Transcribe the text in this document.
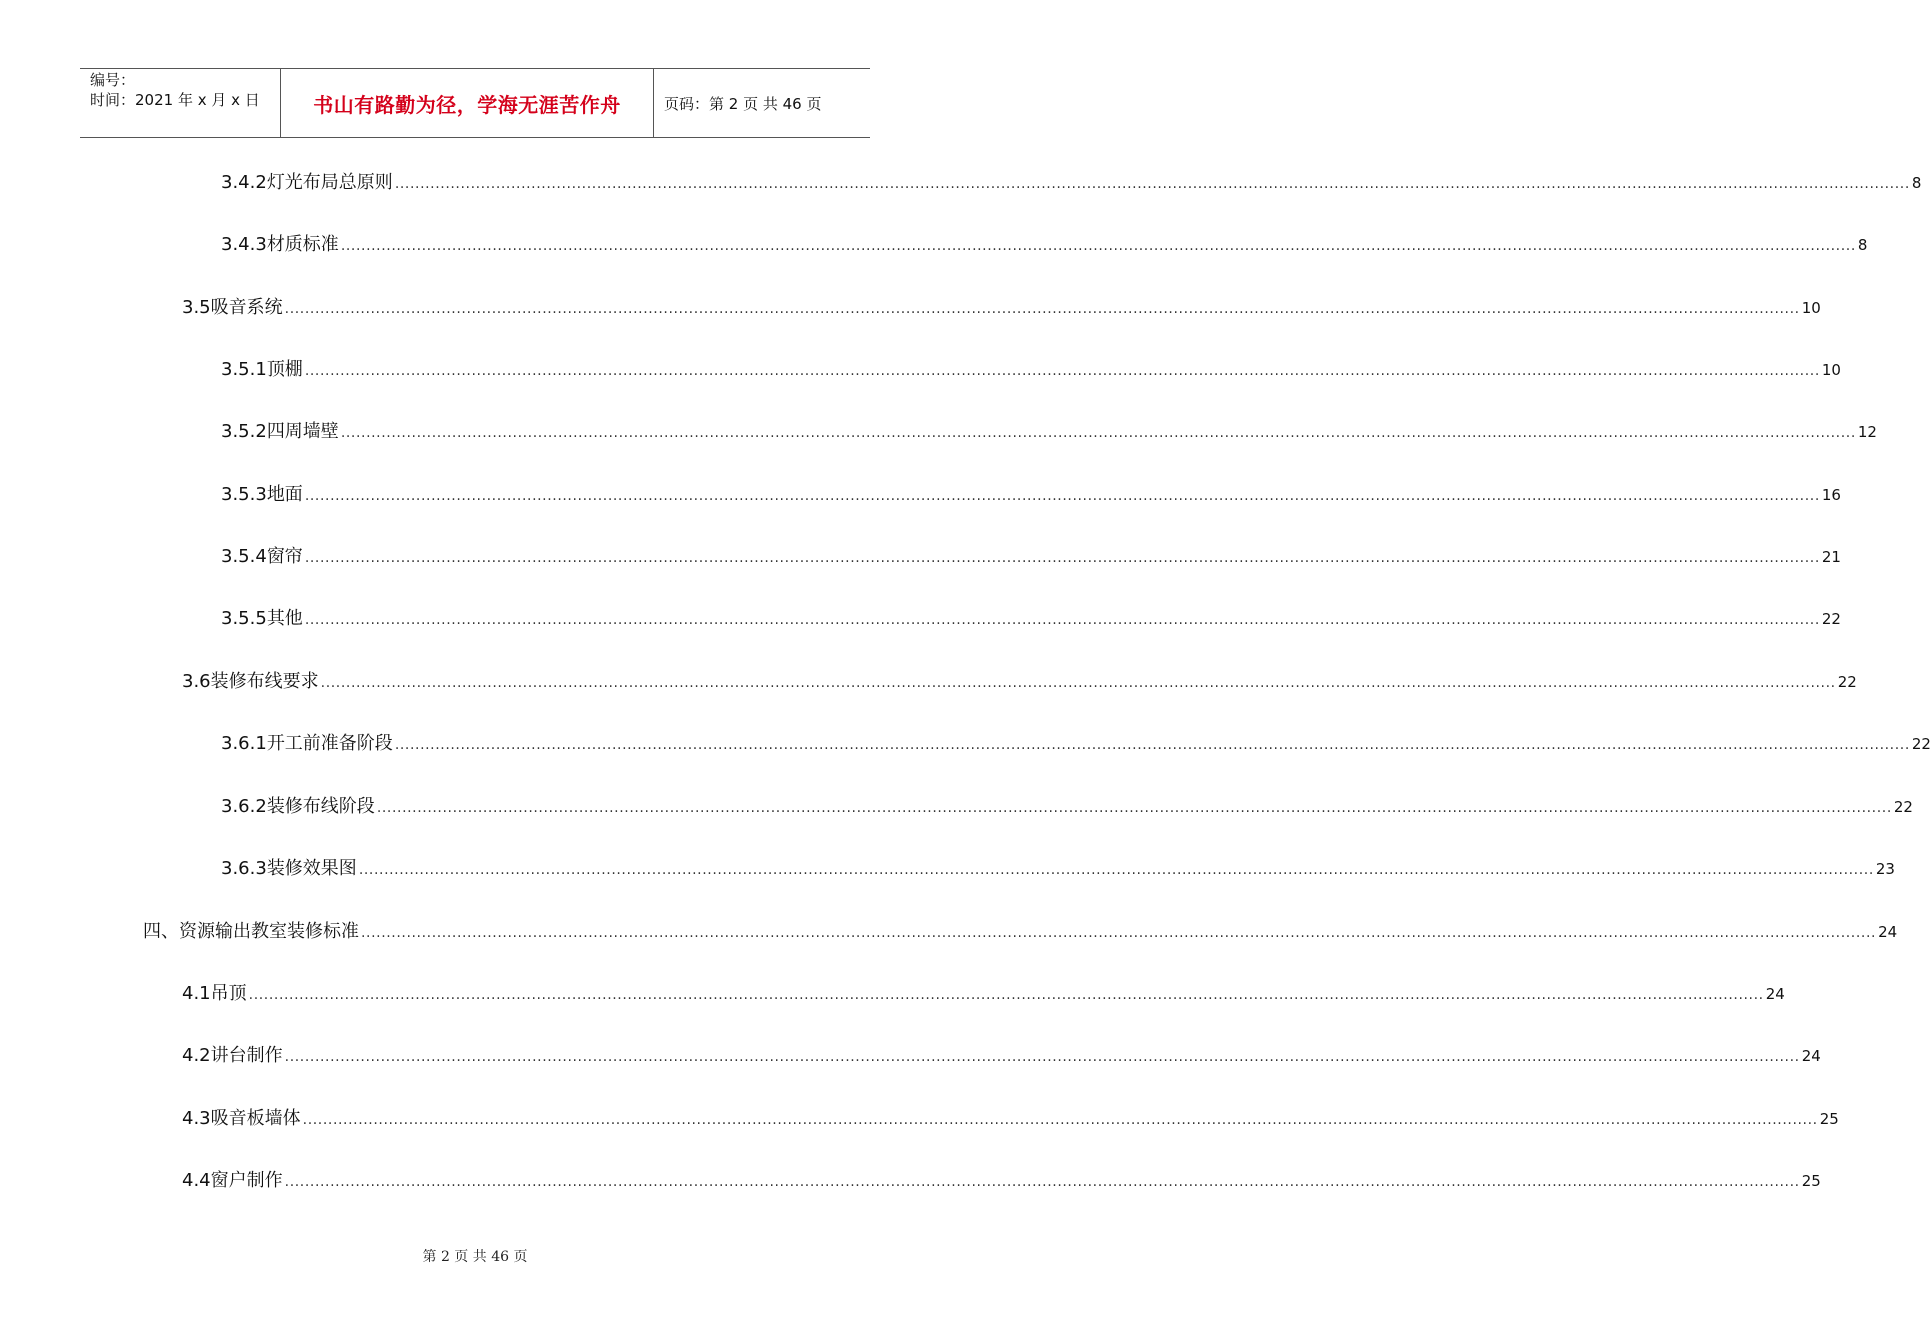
编号：
时间：2021 年 x 月 x 日	书山有路勤为径，学海无涯苦作舟	页码：第 2 页 共 46 页
3.4.2 灯光布局总原则 ............................................................................................................................................................................................................................................................................................................ 8
3.4.3 材质标准 ............................................................................................................................................................................................................................................................................................................ 8
3.5 吸音系统 ............................................................................................................................................................................................................................................................................................................ 10
3.5.1 顶棚 ............................................................................................................................................................................................................................................................................................................ 10
3.5.2 四周墙壁 ............................................................................................................................................................................................................................................................................................................ 12
3.5.3 地面 ............................................................................................................................................................................................................................................................................................................ 16
3.5.4 窗帘 ............................................................................................................................................................................................................................................................................................................ 21
3.5.5 其他 ............................................................................................................................................................................................................................................................................................................ 22
3.6 装修布线要求 ............................................................................................................................................................................................................................................................................................................ 22
3.6.1 开工前准备阶段 ............................................................................................................................................................................................................................................................................................................ 22
3.6.2 装修布线阶段 ............................................................................................................................................................................................................................................................................................................ 22
3.6.3 装修效果图 ............................................................................................................................................................................................................................................................................................................ 23
四、 资源输出教室装修标准 ............................................................................................................................................................................................................................................................................................................ 24
4.1 吊顶 ............................................................................................................................................................................................................................................................................................................ 24
4.2 讲台制作 ............................................................................................................................................................................................................................................................................................................ 24
4.3 吸音板墙体 ............................................................................................................................................................................................................................................................................................................ 25
4.4 窗户制作 ............................................................................................................................................................................................................................................................................................................ 25
第 2 页 共 46 页
